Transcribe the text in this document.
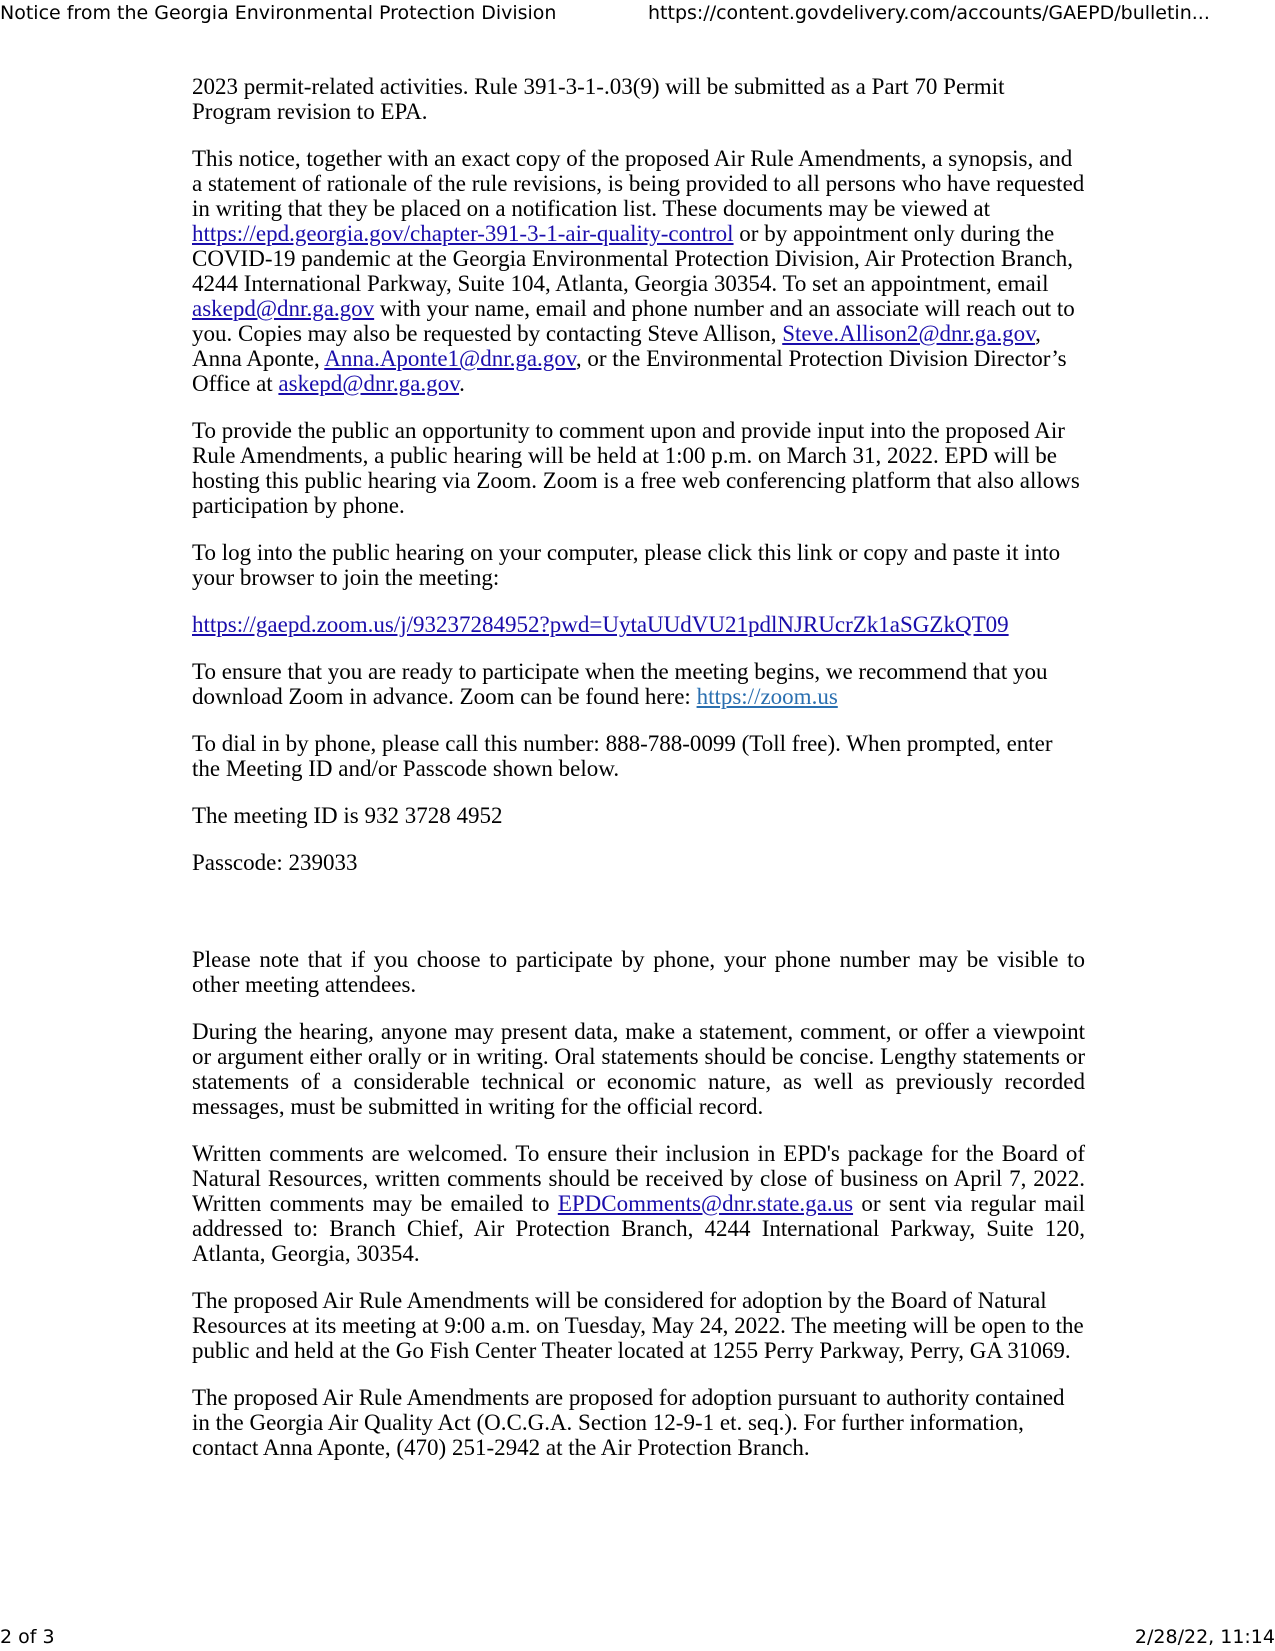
Notice from the Georgia Environmental Protection Division	https://content.govdelivery.com/accounts/GAEPD/bulletin...

2023 permit-related activities. Rule 391-3-1-.03(9) will be submitted as a Part 70 Permit Program revision to EPA.

This notice, together with an exact copy of the proposed Air Rule Amendments, a synopsis, and a statement of rationale of the rule revisions, is being provided to all persons who have requested in writing that they be placed on a notification list. These documents may be viewed at https://epd.georgia.gov/chapter-391-3-1-air-quality-control or by appointment only during the COVID-19 pandemic at the Georgia Environmental Protection Division, Air Protection Branch, 4244 International Parkway, Suite 104, Atlanta, Georgia 30354. To set an appointment, email askepd@dnr.ga.gov with your name, email and phone number and an associate will reach out to you. Copies may also be requested by contacting Steve Allison, Steve.Allison2@dnr.ga.gov, Anna Aponte, Anna.Aponte1@dnr.ga.gov, or the Environmental Protection Division Director’s Office at askepd@dnr.ga.gov.

To provide the public an opportunity to comment upon and provide input into the proposed Air Rule Amendments, a public hearing will be held at 1:00 p.m. on March 31, 2022. EPD will be hosting this public hearing via Zoom. Zoom is a free web conferencing platform that also allows participation by phone.

To log into the public hearing on your computer, please click this link or copy and paste it into your browser to join the meeting:

https://gaepd.zoom.us/j/93237284952?pwd=UytaUUdVU21pdlNJRUcrZk1aSGZkQT09

To ensure that you are ready to participate when the meeting begins, we recommend that you download Zoom in advance. Zoom can be found here: https://zoom.us

To dial in by phone, please call this number: 888-788-0099 (Toll free). When prompted, enter the Meeting ID and/or Passcode shown below.

The meeting ID is 932 3728 4952

Passcode: 239033

Please note that if you choose to participate by phone, your phone number may be visible to other meeting attendees.

During the hearing, anyone may present data, make a statement, comment, or offer a viewpoint or argument either orally or in writing. Oral statements should be concise. Lengthy statements or statements of a considerable technical or economic nature, as well as previously recorded messages, must be submitted in writing for the official record.

Written comments are welcomed. To ensure their inclusion in EPD's package for the Board of Natural Resources, written comments should be received by close of business on April 7, 2022. Written comments may be emailed to EPDComments@dnr.state.ga.us or sent via regular mail addressed to: Branch Chief, Air Protection Branch, 4244 International Parkway, Suite 120, Atlanta, Georgia, 30354.

The proposed Air Rule Amendments will be considered for adoption by the Board of Natural Resources at its meeting at 9:00 a.m. on Tuesday, May 24, 2022. The meeting will be open to the public and held at the Go Fish Center Theater located at 1255 Perry Parkway, Perry, GA 31069.

The proposed Air Rule Amendments are proposed for adoption pursuant to authority contained in the Georgia Air Quality Act (O.C.G.A. Section 12-9-1 et. seq.). For further information, contact Anna Aponte, (470) 251-2942 at the Air Protection Branch.

2 of 3	2/28/22, 11:14
